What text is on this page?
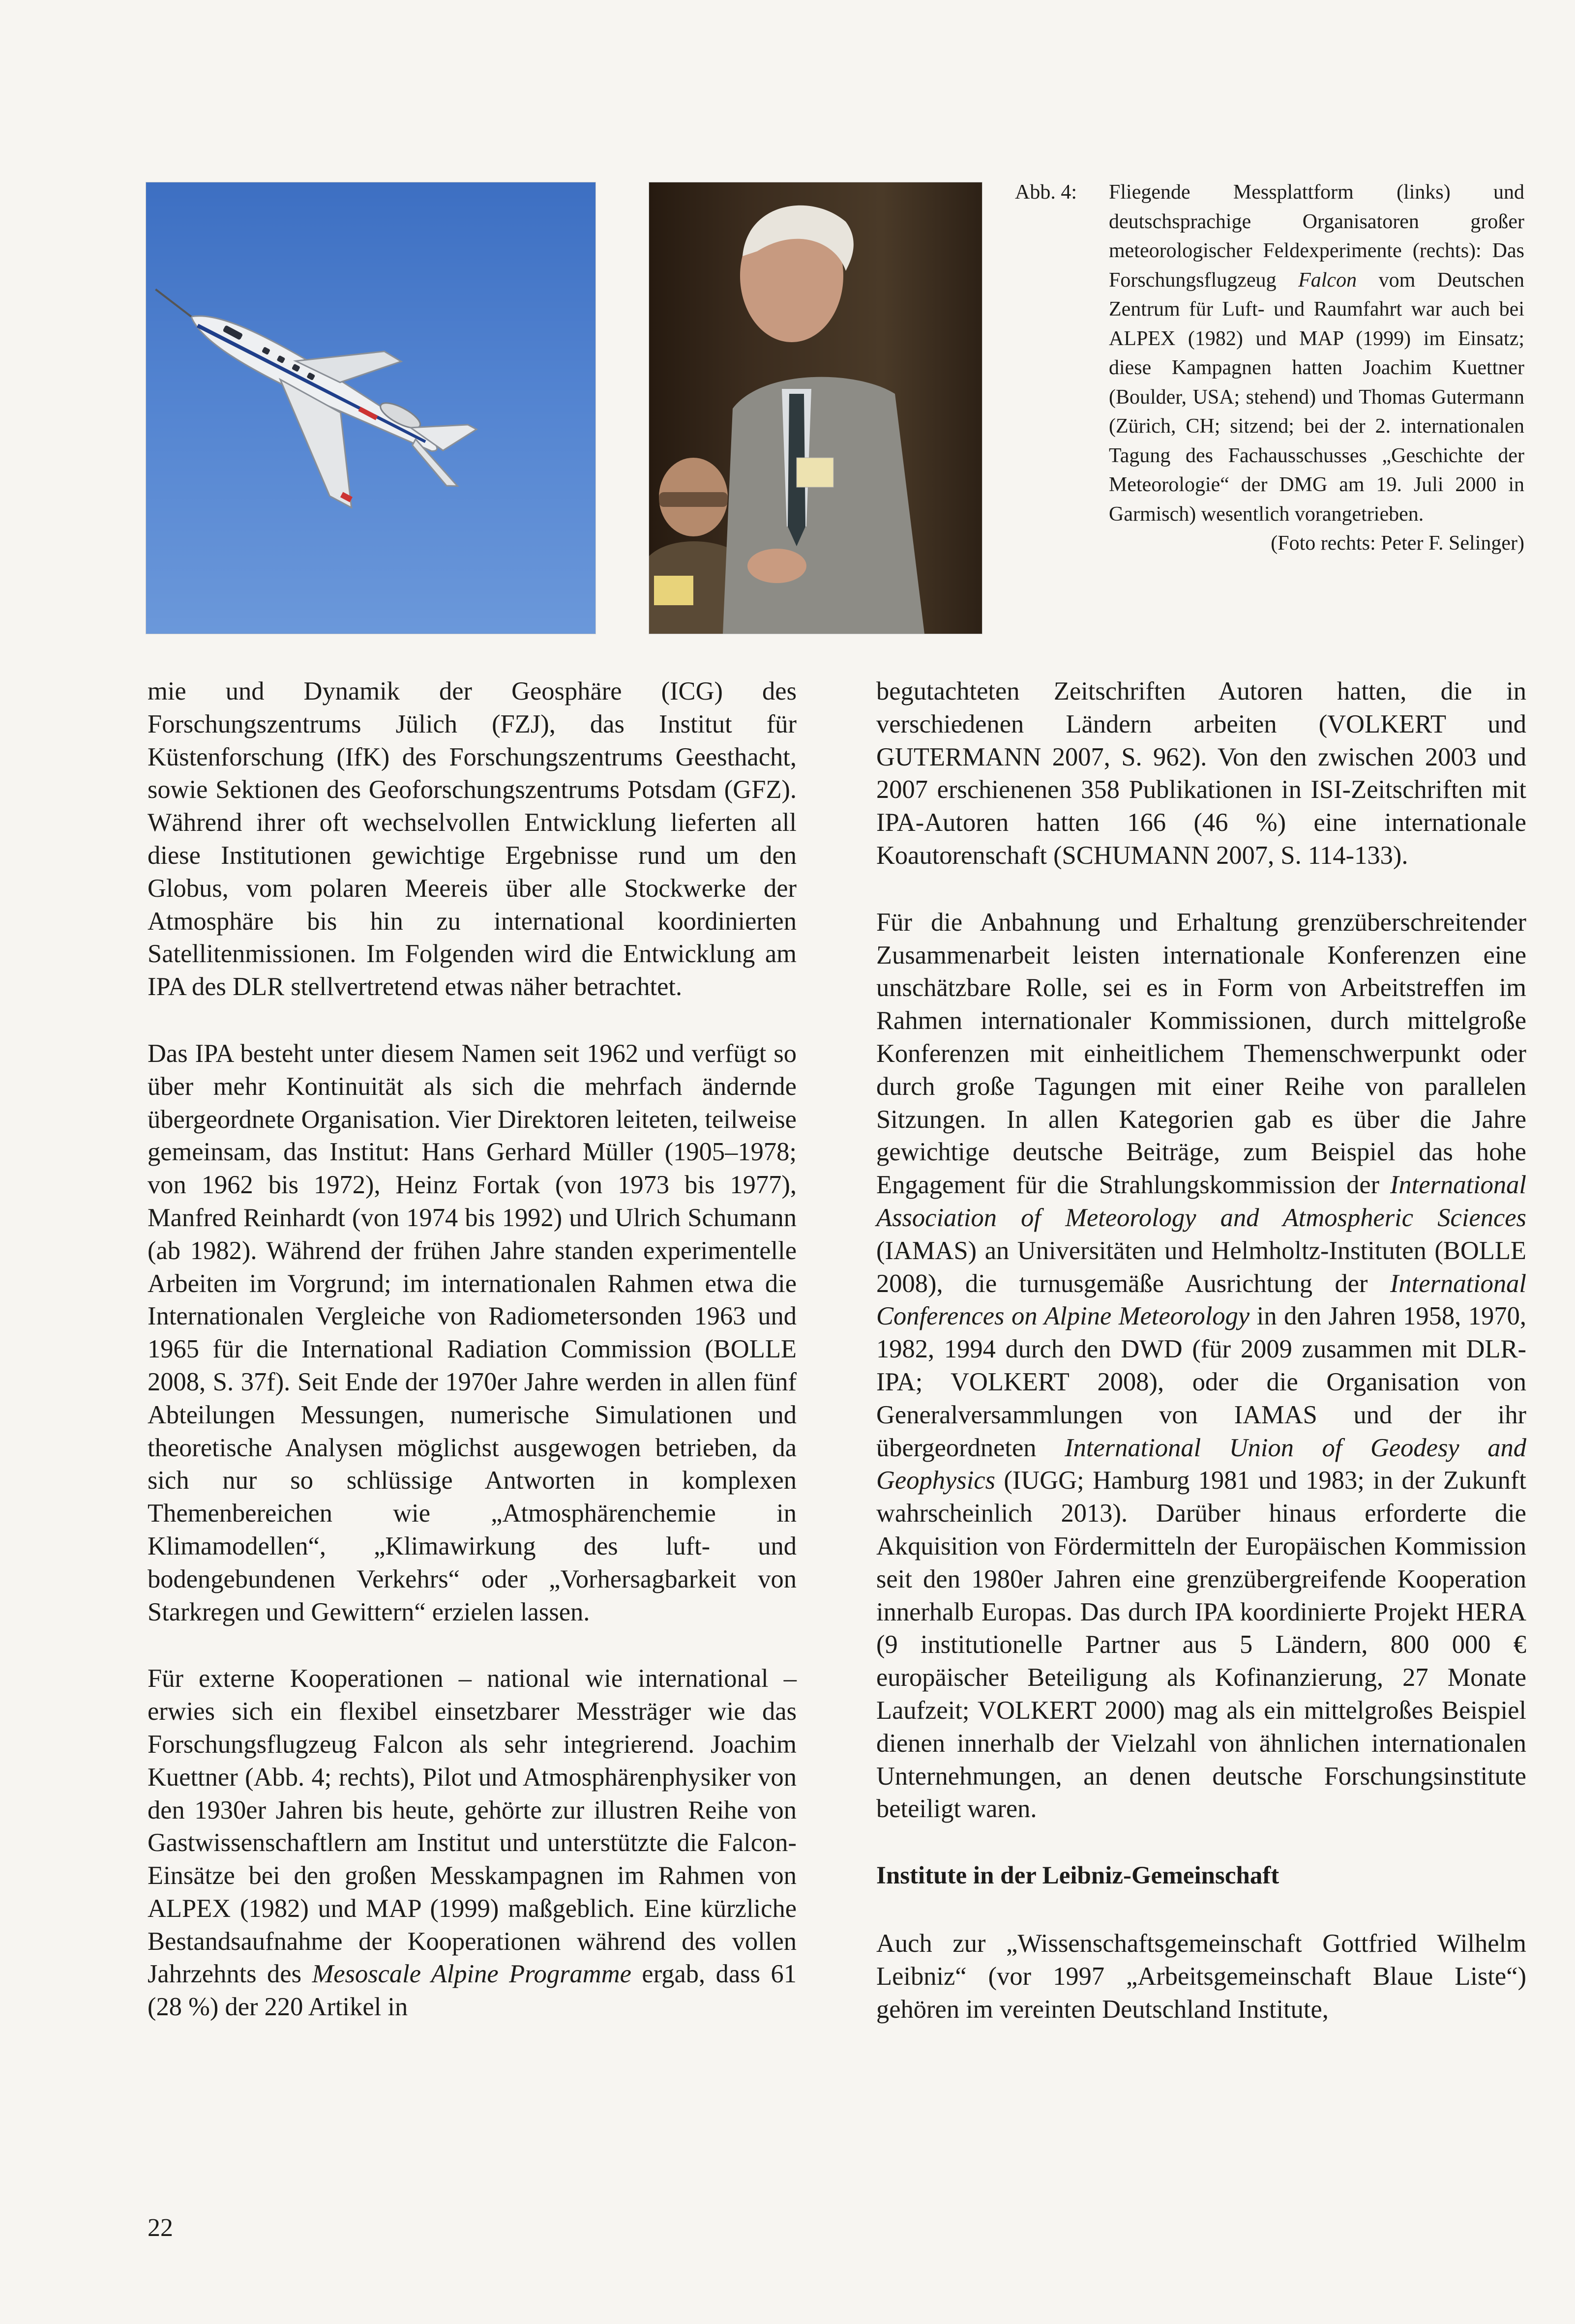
Abb. 4: Fliegende Messplattform (links) und deutschsprachige Organisatoren großer meteorologischer Feldexperimente (rechts): Das Forschungsflugzeug Falcon vom Deutschen Zentrum für Luft- und Raumfahrt war auch bei ALPEX (1982) und MAP (1999) im Einsatz; diese Kampagnen hatten Joachim Kuettner (Boulder, USA; stehend) und Thomas Gutermann (Zürich, CH; sitzend; bei der 2. internationalen Tagung des Fachausschusses „Geschichte der Meteorologie“ der DMG am 19. Juli 2000 in Garmisch) wesentlich vorangetrieben.
(Foto rechts: Peter F. Selinger)

mie und Dynamik der Geosphäre (ICG) des Forschungszentrums Jülich (FZJ), das Institut für Küstenforschung (IfK) des Forschungszentrums Geesthacht, sowie Sektionen des Geoforschungszentrums Potsdam (GFZ). Während ihrer oft wechselvollen Entwicklung lieferten all diese Institutionen gewichtige Ergebnisse rund um den Globus, vom polaren Meereis über alle Stockwerke der Atmosphäre bis hin zu international koordinierten Satellitenmissionen. Im Folgenden wird die Entwicklung am IPA des DLR stellvertretend etwas näher betrachtet.

Das IPA besteht unter diesem Namen seit 1962 und verfügt so über mehr Kontinuität als sich die mehrfach ändernde übergeordnete Organisation. Vier Direktoren leiteten, teilweise gemeinsam, das Institut: Hans Gerhard Müller (1905–1978; von 1962 bis 1972), Heinz Fortak (von 1973 bis 1977), Manfred Reinhardt (von 1974 bis 1992) und Ulrich Schumann (ab 1982). Während der frühen Jahre standen experimentelle Arbeiten im Vorgrund; im internationalen Rahmen etwa die Internationalen Vergleiche von Radiometersonden 1963 und 1965 für die International Radiation Commission (BOLLE 2008, S. 37f). Seit Ende der 1970er Jahre werden in allen fünf Abteilungen Messungen, numerische Simulationen und theoretische Analysen möglichst ausgewogen betrieben, da sich nur so schlüssige Antworten in komplexen Themenbereichen wie „Atmosphärenchemie in Klimamodellen“, „Klimawirkung des luft- und bodengebundenen Verkehrs“ oder „Vorhersagbarkeit von Starkregen und Gewittern“ erzielen lassen.

Für externe Kooperationen – national wie international – erwies sich ein flexibel einsetzbarer Messträger wie das Forschungsflugzeug Falcon als sehr integrierend. Joachim Kuettner (Abb. 4; rechts), Pilot und Atmosphärenphysiker von den 1930er Jahren bis heute, gehörte zur illustren Reihe von Gastwissenschaftlern am Institut und unterstützte die Falcon-Einsätze bei den großen Messkampagnen im Rahmen von ALPEX (1982) und MAP (1999) maßgeblich. Eine kürzliche Bestandsaufnahme der Kooperationen während des vollen Jahrzehnts des Mesoscale Alpine Programme ergab, dass 61 (28 %) der 220 Artikel in

begutachteten Zeitschriften Autoren hatten, die in verschiedenen Ländern arbeiten (VOLKERT und GUTERMANN 2007, S. 962). Von den zwischen 2003 und 2007 erschienenen 358 Publikationen in ISI-Zeitschriften mit IPA-Autoren hatten 166 (46 %) eine internationale Koautorenschaft (SCHUMANN 2007, S. 114-133).

Für die Anbahnung und Erhaltung grenzüberschreitender Zusammenarbeit leisten internationale Konferenzen eine unschätzbare Rolle, sei es in Form von Arbeitstreffen im Rahmen internationaler Kommissionen, durch mittelgroße Konferenzen mit einheitlichem Themenschwerpunkt oder durch große Tagungen mit einer Reihe von parallelen Sitzungen. In allen Kategorien gab es über die Jahre gewichtige deutsche Beiträge, zum Beispiel das hohe Engagement für die Strahlungskommission der International Association of Meteorology and Atmospheric Sciences (IAMAS) an Universitäten und Helmholtz-Instituten (BOLLE 2008), die turnusgemäße Ausrichtung der International Conferences on Alpine Meteorology in den Jahren 1958, 1970, 1982, 1994 durch den DWD (für 2009 zusammen mit DLR-IPA; VOLKERT 2008), oder die Organisation von Generalversammlungen von IAMAS und der ihr übergeordneten International Union of Geodesy and Geophysics (IUGG; Hamburg 1981 und 1983; in der Zukunft wahrscheinlich 2013). Darüber hinaus erforderte die Akquisition von Fördermitteln der Europäischen Kommission seit den 1980er Jahren eine grenzübergreifende Kooperation innerhalb Europas. Das durch IPA koordinierte Projekt HERA (9 institutionelle Partner aus 5 Ländern, 800 000 € europäischer Beteiligung als Kofinanzierung, 27 Monate Laufzeit; VOLKERT 2000) mag als ein mittelgroßes Beispiel dienen innerhalb der Vielzahl von ähnlichen internationalen Unternehmungen, an denen deutsche Forschungsinstitute beteiligt waren.

Institute in der Leibniz-Gemeinschaft

Auch zur „Wissenschaftsgemeinschaft Gottfried Wilhelm Leibniz“ (vor 1997 „Arbeitsgemeinschaft Blaue Liste“) gehören im vereinten Deutschland Institute,

22
